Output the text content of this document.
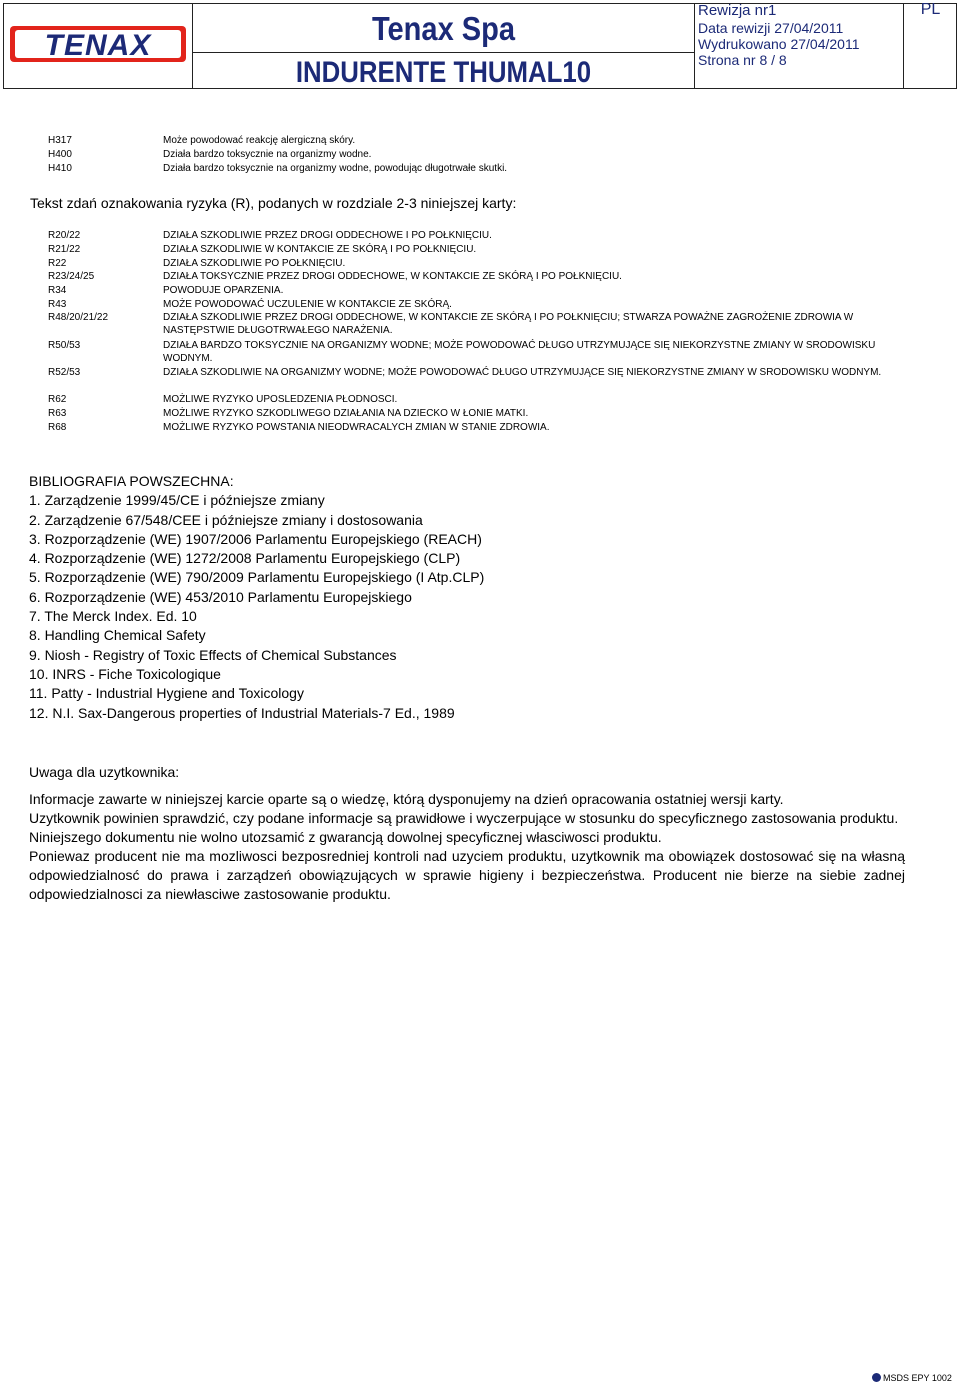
TENAX	Tenax Spa
INDURENTE THUMAL10
Rewizja nr1
Data rewizji 27/04/2011
Wydrukowano 27/04/2011
Strona nr 8 / 8
PL
H317	Może powodować reakcję alergiczną skóry.
H400	Działa bardzo toksycznie na organizmy wodne.
H410	Działa bardzo toksycznie na organizmy wodne, powodując długotrwałe skutki.
Tekst zdań oznakowania ryzyka (R), podanych w rozdziale 2-3 niniejszej karty:
R20/22	DZIAŁA SZKODLIWIE PRZEZ DROGI ODDECHOWE I PO POŁKNIĘCIU.
R21/22	DZIAŁA SZKODLIWIE W KONTAKCIE ZE SKÓRĄ I PO POŁKNIĘCIU.
R22	DZIAŁA SZKODLIWIE PO POŁKNIĘCIU.
R23/24/25	DZIAŁA TOKSYCZNIE PRZEZ DROGI ODDECHOWE, W KONTAKCIE ZE SKÓRĄ I PO POŁKNIĘCIU.
R34	POWODUJE OPARZENIA.
R43	MOŻE POWODOWAĆ UCZULENIE W KONTAKCIE ZE SKÓRĄ.
R48/20/21/22	DZIAŁA SZKODLIWIE PRZEZ DROGI ODDECHOWE, W KONTAKCIE ZE SKÓRĄ I PO POŁKNIĘCIU; STWARZA POWAŻNE ZAGROŻENIE ZDROWIA W NASTĘPSTWIE DŁUGOTRWAŁEGO NARAŻENIA.
R50/53	DZIAŁA BARDZO TOKSYCZNIE NA ORGANIZMY WODNE; MOŻE POWODOWAĆ DŁUGO UTRZYMUJĄCE SIĘ NIEKORZYSTNE ZMIANY W SRODOWISKU WODNYM.
R52/53	DZIAŁA SZKODLIWIE NA ORGANIZMY WODNE; MOŻE POWODOWAĆ DŁUGO UTRZYMUJĄCE SIĘ NIEKORZYSTNE ZMIANY W SRODOWISKU WODNYM.
R62	MOŻLIWE RYZYKO UPOSLEDZENIA PŁODNOSCI.
R63	MOŻLIWE RYZYKO SZKODLIWEGO DZIAŁANIA NA DZIECKO W ŁONIE MATKI.
R68	MOŻLIWE RYZYKO POWSTANIA NIEODWRACALYCH ZMIAN W STANIE ZDROWIA.
BIBLIOGRAFIA POWSZECHNA:
1. Zarządzenie 1999/45/CE i późniejsze zmiany
2. Zarządzenie 67/548/CEE i późniejsze zmiany i dostosowania
3. Rozporządzenie (WE) 1907/2006 Parlamentu Europejskiego (REACH)
4. Rozporządzenie (WE) 1272/2008 Parlamentu Europejskiego (CLP)
5. Rozporządzenie (WE) 790/2009 Parlamentu Europejskiego (I Atp.CLP)
6. Rozporządzenie (WE) 453/2010 Parlamentu Europejskiego
7. The Merck Index. Ed. 10
8. Handling Chemical Safety
9. Niosh - Registry of Toxic Effects of Chemical Substances
10. INRS - Fiche Toxicologique
11. Patty - Industrial Hygiene and Toxicology
12. N.I. Sax-Dangerous properties of Industrial Materials-7 Ed., 1989

Uwaga dla uzytkownika:

Informacje zawarte w niniejszej karcie oparte są o wiedzę, którą dysponujemy na dzień opracowania ostatniej wersji karty.

Uzytkownik powinien sprawdzić, czy podane informacje są prawidłowe i wyczerpujące w stosunku do specyficznego zastosowania produktu.

Niniejszego dokumentu nie wolno utozsamić z gwarancją dowolnej specyficznej własciwosci produktu.

Poniewaz producent nie ma mozliwosci bezposredniej kontroli nad uzyciem produktu, uzytkownik ma obowiązek dostosować się na własną odpowiedzialnosć do prawa i zarządzeń obowiązujących w sprawie higieny i bezpieczeństwa. Producent nie bierze na siebie zadnej odpowiedzialnosci za niewłasciwe zastosowanie produktu.

MSDS EPY 1002
